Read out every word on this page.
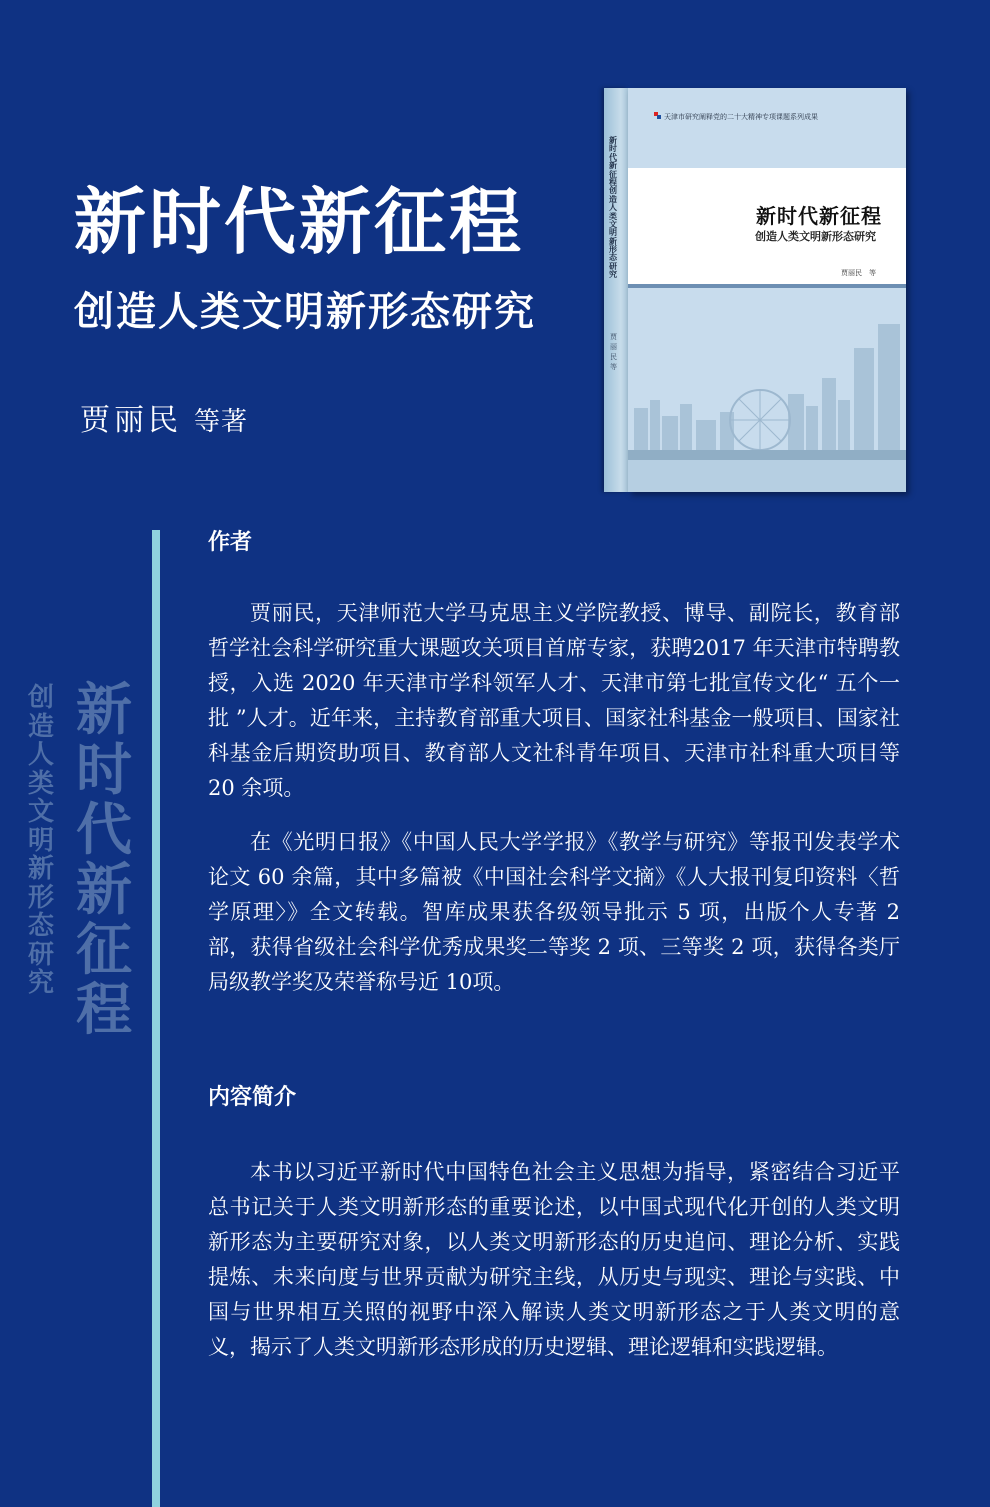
新时代新征程
创造人类文明新形态研究
贾丽民 等著
新时代新征程创造人类文明新形态研究
贾丽民 等
天津市研究阐释党的二十大精神专项课题系列成果
新时代新征程
创造人类文明新形态研究
贾丽民　等
新时代新征程
创造人类文明新形态研究
作者

贾丽民，天津师范大学马克思主义学院教授、博导、副院长，教育部哲学社会科学研究重大课题攻关项目首席专家，获聘2017 年天津市特聘教授，入选 2020 年天津市学科领军人才、天津市第七批宣传文化“ 五个一批 ”人才。近年来，主持教育部重大项目、国家社科基金一般项目、国家社科基金后期资助项目、教育部人文社科青年项目、天津市社科重大项目等 20 余项。

在《光明日报》《中国人民大学学报》《教学与研究》等报刊发表学术论文 60 余篇，其中多篇被《中国社会科学文摘》《人大报刊复印资料〈哲学原理〉》全文转载。智库成果获各级领导批示 5 项，出版个人专著 2 部，获得省级社会科学优秀成果奖二等奖 2 项、三等奖 2 项，获得各类厅局级教学奖及荣誉称号近 10项。

内容简介

本书以习近平新时代中国特色社会主义思想为指导，紧密结合习近平总书记关于人类文明新形态的重要论述，以中国式现代化开创的人类文明新形态为主要研究对象，以人类文明新形态的历史追问、理论分析、实践提炼、未来向度与世界贡献为研究主线，从历史与现实、理论与实践、中国与世界相互关照的视野中深入解读人类文明新形态之于人类文明的意义，揭示了人类文明新形态形成的历史逻辑、理论逻辑和实践逻辑。
